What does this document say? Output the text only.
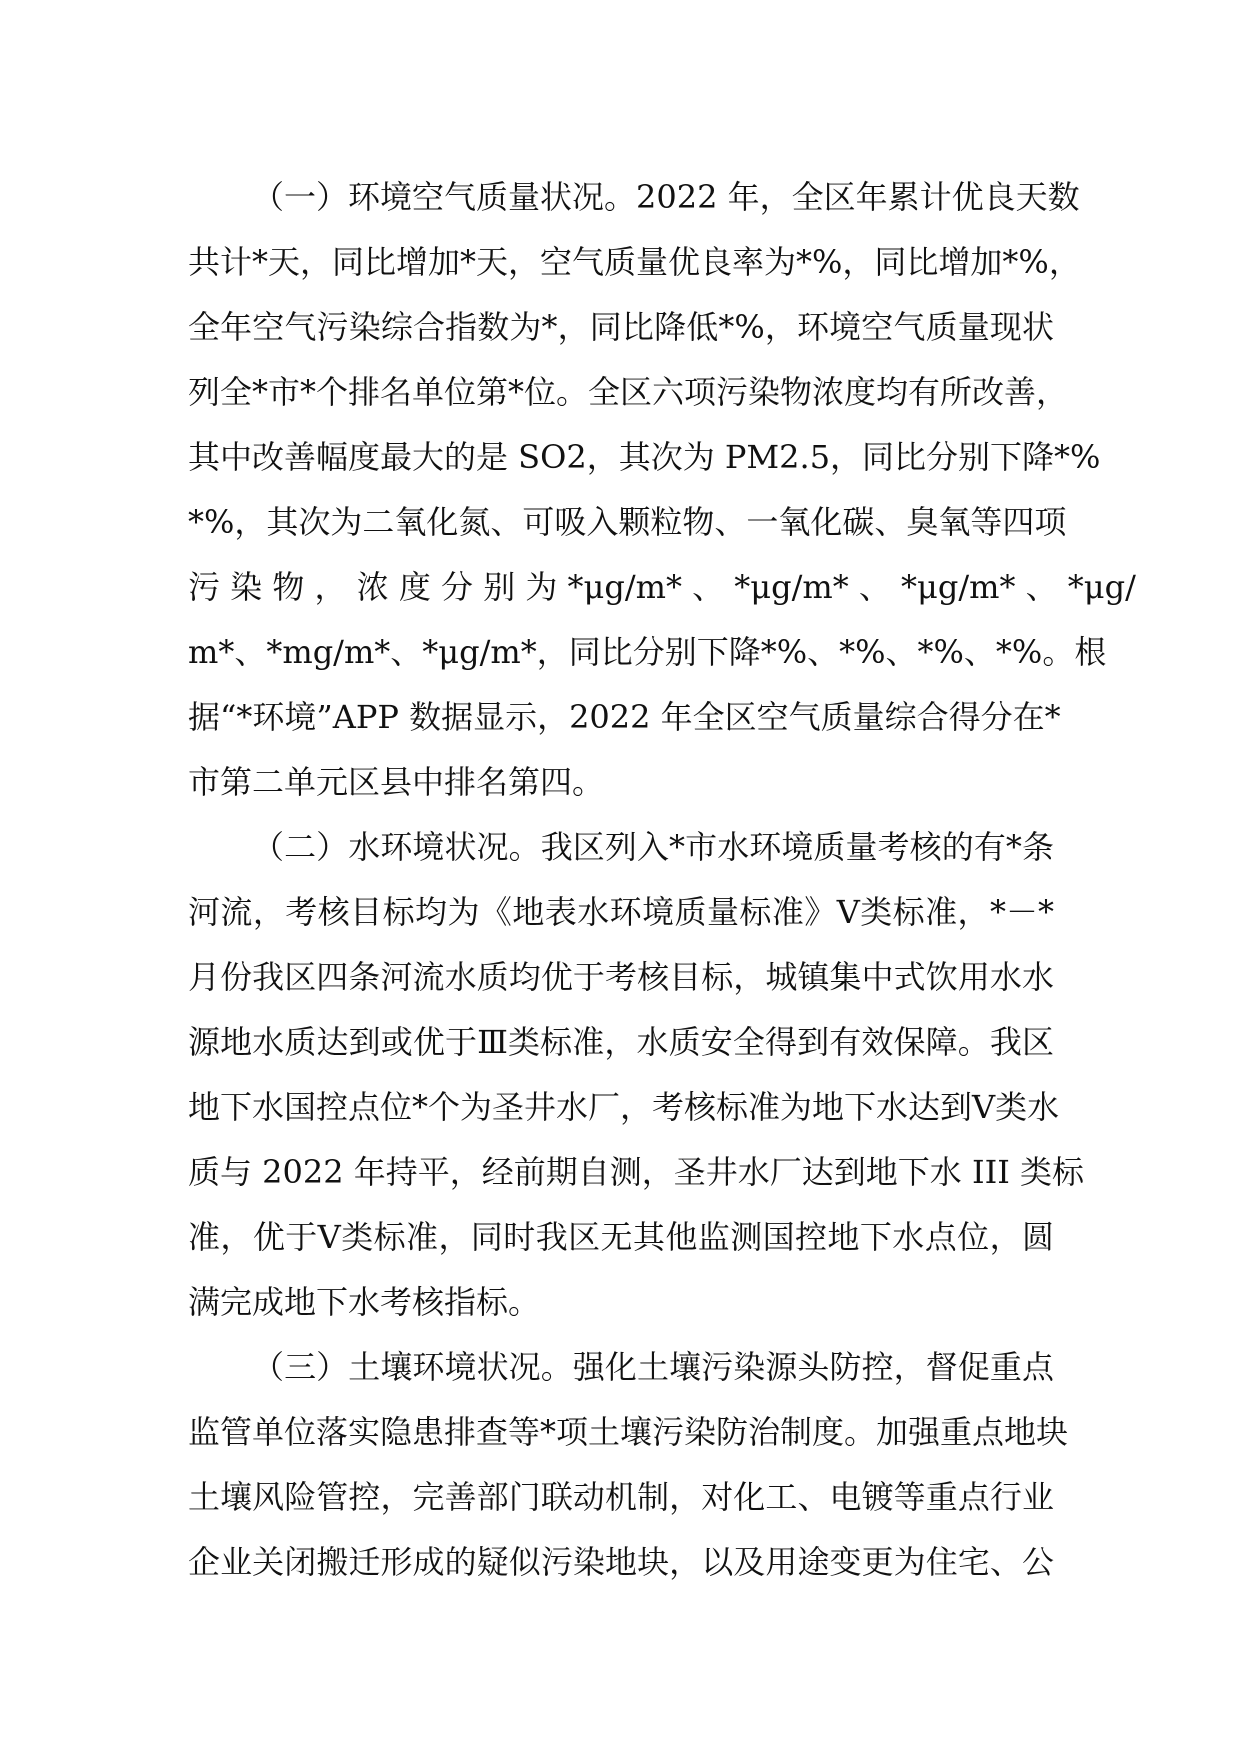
（一）环境空气质量状况。2022 年，全区年累计优良天数
共计*天，同比增加*天，空气质量优良率为*%，同比增加*%，
全年空气污染综合指数为*，同比降低*%，环境空气质量现状
列全*市*个排名单位第*位。全区六项污染物浓度均有所改善，
其中改善幅度最大的是 SO2，其次为 PM2.5，同比分别下降*%
*%，其次为二氧化氮、可吸入颗粒物、一氧化碳、臭氧等四项
污 染 物 ， 浓 度 分 别 为 *μg/m* 、 *μg/m* 、 *μg/m* 、 *μg/
m*、*mg/m*、*μg/m*，同比分别下降*%、*%、*%、*%。根
据“*环境”APP 数据显示，2022 年全区空气质量综合得分在*
市第二单元区县中排名第四。

（二）水环境状况。我区列入*市水环境质量考核的有*条
河流，考核目标均为《地表水环境质量标准》Ⅴ类标准，*－*
月份我区四条河流水质均优于考核目标，城镇集中式饮用水水
源地水质达到或优于Ⅲ类标准，水质安全得到有效保障。我区
地下水国控点位*个为圣井水厂，考核标准为地下水达到Ⅴ类水
质与 2022 年持平，经前期自测，圣井水厂达到地下水 III 类标
准，优于Ⅴ类标准，同时我区无其他监测国控地下水点位，圆
满完成地下水考核指标。

（三）土壤环境状况。强化土壤污染源头防控，督促重点
监管单位落实隐患排查等*项土壤污染防治制度。加强重点地块
土壤风险管控，完善部门联动机制，对化工、电镀等重点行业
企业关闭搬迁形成的疑似污染地块，以及用途变更为住宅、公
